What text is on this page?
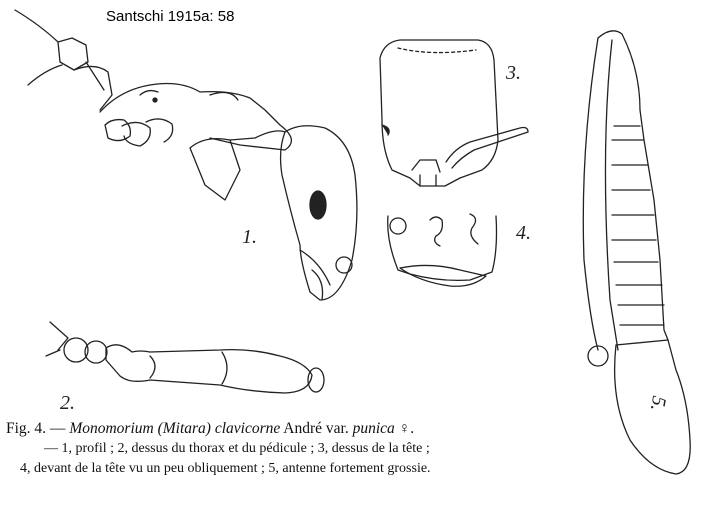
Santschi 1915a: 58
1.
2.
3.
4.
5.
Fig. 4. — Monomorium (Mitara) clavicorne André var. punica ♀.
— 1, profil ; 2, dessus du thorax et du pédicule ; 3, dessus de la tête ;
4, devant de la tête vu un peu obliquement ; 5, antenne fortement grossie.
